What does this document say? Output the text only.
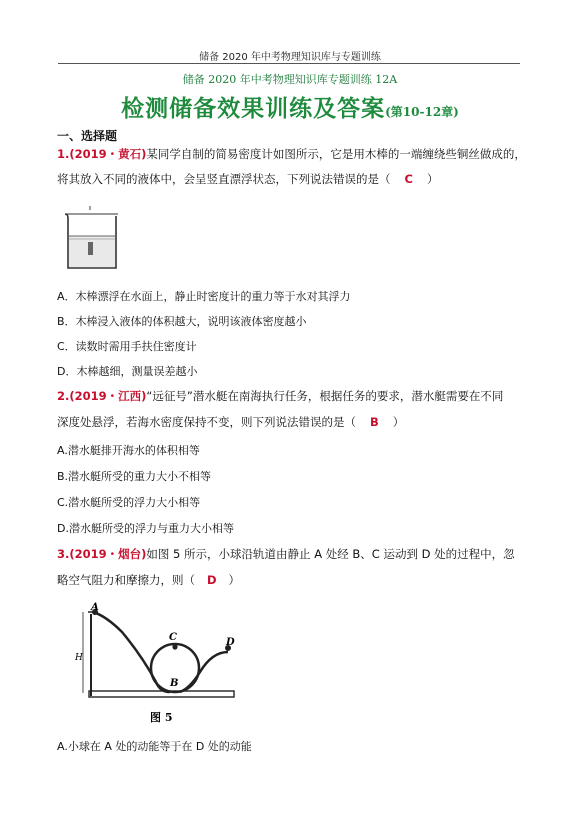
储备 2020 年中考物理知识库与专题训练
储备 2020 年中考物理知识库专题训练 12A
检测储备效果训练及答案(第10-12章)
一、选择题
1.(2019・黄石)某同学自制的简易密度计如图所示，它是用木棒的一端缠绕些铜丝做成的，
将其放入不同的液体中，会呈竖直漂浮状态，下列说法错误的是（ C ）
A．木棒漂浮在水面上，静止时密度计的重力等于水对其浮力
B．木棒浸入液体的体积越大，说明该液体密度越小
C．读数时需用手扶住密度计
D．木棒越细，测量误差越小
2.(2019・江西)“远征号”潜水艇在南海执行任务，根据任务的要求，潜水艇需要在不同
深度处悬浮，若海水密度保持不变，则下列说法错误的是（ B ）
A.潜水艇排开海水的体积相等
B.潜水艇所受的重力大小不相等
C.潜水艇所受的浮力大小相等
D.潜水艇所受的浮力与重力大小相等
3.(2019・烟台)如图 5 所示，小球沿轨道由静止 A 处经 B、C 运动到 D 处的过程中，忽
略空气阻力和摩擦力，则（ D ）
A
H
C
B
D
图 5
A.小球在 A 处的动能等于在 D 处的动能
